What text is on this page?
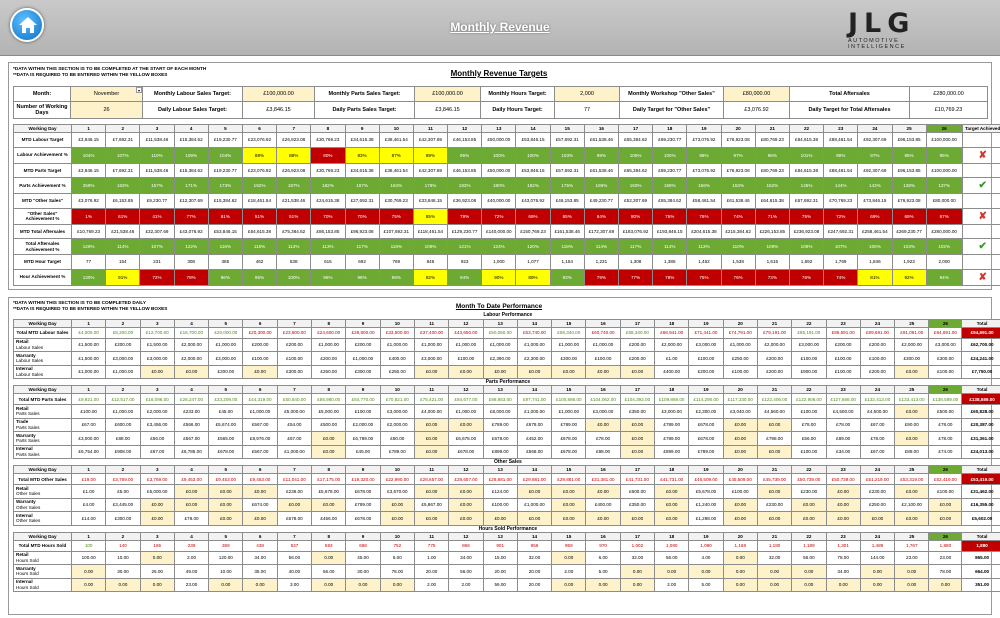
Monthly Revenue	JLG
AUTOMOTIVE INTELLIGENCE
*DATA WITHIN THIS SECTION IS TO BE COMPLETED AT THE START OF EACH MONTH
**DATA IS REQUIRED TO BE ENTERED WITHIN THE YELLOW BOXES	Monthly Revenue Targets
Month:	November
▾	Monthly Labour Sales Target:	£100,000.00	Monthly Parts Sales Target:	£100,000.00	Monthly Hours Target:	2,000	Monthly Workshop "Other Sales"	£80,000.00	Total Aftersales	£280,000.00
Number of Working Days	26	Daily Labour Sales Target:	£3,846.15	Daily Parts Sales Target:	£3,846.15	Daily Hours Target:	77	Daily Target for "Other Sales"	£3,076.92	Daily Target for Total Aftersales	£10,769.23
Working Day	1	2	3	4	5	6	7	8	9	10	11	12	13	14	15	16	17	18	19	20	21	22	23	24	25	26	Target Achieved
MTD Labour Target	£3,846.15	£7,692.31	£11,538.46	£15,384.62	£19,230.77	£23,076.92	£26,923.08	£30,769.23	£34,615.38	£38,461.54	£42,307.69	£46,153.85	£50,000.00	£53,846.15	£57,692.31	£61,538.46	£65,384.62	£69,230.77	£73,076.92	£76,923.08	£80,769.23	£84,615.38	£88,461.54	£92,307.69	£96,153.85	£100,000.00	
Labour Achievement %	104%	107%	110%	109%	104%	88%	88%	80%	83%	87%	89%	95%	100%	100%	103%	99%	105%	100%	98%	97%	98%	101%	98%	97%	95%	95%	✘
MTD Parts Target	£3,846.15	£7,692.31	£11,538.46	£15,384.62	£19,230.77	£23,076.92	£26,923.08	£30,769.23	£34,615.38	£38,461.54	£42,307.69	£46,153.85	£50,000.00	£53,846.15	£57,692.31	£61,538.46	£65,384.62	£69,230.77	£73,076.92	£76,923.08	£80,769.23	£84,615.38	£88,461.54	£92,307.69	£96,153.85	£100,000.00	
Parts Achievement %	258%	163%	157%	171%	173%	192%	187%	182%	187%	184%	178%	183%	190%	182%	175%	169%	160%	159%	156%	153%	152%	145%	144%	143%	138%	137%	✔
MTD "Other Sales"	£3,076.92	£6,153.85	£9,230.77	£12,307.69	£15,384.62	£18,461.54	£21,538.46	£24,615.38	£27,692.31	£30,769.23	£33,846.15	£36,923.08	£40,000.00	£43,076.92	£46,153.85	£49,230.77	£52,307.69	£55,384.62	£58,461.54	£61,538.46	£64,615.38	£67,692.31	£70,769.23	£73,846.15	£76,923.08	£80,000.00	
"Other Sales" Achievement %	1%	61%	41%	77%	61%	51%	51%	70%	70%	75%	85%	78%	72%	69%	65%	64%	80%	75%	76%	74%	71%	75%	72%	69%	69%	67%	✘
MTD Total Aftersales	£10,769.23	£21,538.46	£32,307.69	£43,076.92	£53,846.15	£64,615.38	£75,384.62	£86,153.85	£96,923.08	£107,692.31	£118,461.54	£129,230.77	£140,000.00	£150,769.23	£161,538.46	£172,307.69	£183,076.92	£193,846.15	£204,615.38	£215,384.62	£226,153.85	£236,923.08	£247,692.31	£258,461.54	£269,230.77	£280,000.00	
Total Aftersales Achievement %	129%	114%	107%	122%	116%	115%	113%	113%	117%	118%	109%	121%	124%	120%	118%	114%	117%	114%	113%	110%	109%	109%	107%	106%	103%	102%	✔
MTD Hour Target	77	154	231	308	385	462	538	615	692	769	846	923	1,000	1,077	1,154	1,231	1,308	1,385	1,462	1,538	1,615	1,692	1,769	1,846	1,923	2,000	
Hour Achievement %	130%	91%	72%	78%	96%	95%	100%	96%	96%	98%	92%	94%	90%	89%	93%	79%	77%	78%	75%	76%	73%	76%	74%	81%	92%	94%	✘
*DATA WITHIN THIS SECTION IS TO BE COMPLETED DAILY
**DATA IS REQUIRED TO BE ENTERED WITHIN THE YELLOW BOXES	Month To Date Performance
Labour Performance																											
Working Day	1	2	3	4	5	6	7	8	9	10	11	12	13	14	15	16	17	18	19	20	21	22	23	24	25	26	Total
Total MTD Labour Sales	£4,000.00	£8,200.00	£12,700.00	£16,700.00	£20,000.00	£20,300.00	£23,600.00	£24,600.00	£28,800.00	£33,500.00	£37,400.00	£43,650.00	£50,050.00	£53,740.00	£59,340.00	£60,740.00	£68,340.00	£68,941.00	£71,441.00	£74,791.00	£79,191.00	£85,191.00	£86,591.00	£89,691.00	£91,091.00	£94,691.00	£94,691.00

Retail
Labour Sales	£1,500.00	£200.00	£1,500.00	£2,000.00	£1,000.00	£200.00	£200.00	£1,000.00	£200.00	£1,000.00	£1,000.00	£1,000.00	£1,000.00	£1,000.00	£1,000.00	£1,000.00	£200.00	£2,000.00	£3,000.00	£1,000.00	£2,000.00	£3,000.00	£200.00	£200.00	£2,000.00	£3,000.00	£62,700.00

Warranty
Labour Sales	£1,500.00	£3,000.00	£3,000.00	£2,000.00	£3,000.00	£100.00	£100.00	£200.00	£1,000.00	£400.00	£3,000.00	£100.00	£2,390.00	£2,300.00	£300.00	£100.00	£200.00	£1.00	£100.00	£250.00	£200.00	£100.00	£100.00	£100.00	£300.00	£300.00	£24,241.00

Internal
Labour Sales	£1,000.00	£1,000.00	£0.00	£0.00	£200.00	£0.00	£300.00	£250.00	£300.00	£250.00	£0.00	£0.00	£0.00	£0.00	£0.00	£0.00	£0.00	£400.00	£200.00	£100.00	£200.00	£900.00	£100.00	£200.00	£0.00	£100.00	£7,750.00
Parts Performance																											
Working Day	1	2	3	4	5	6	7	8	9	10	11	12	13	14	15	16	17	18	19	20	21	22	23	24	25	26	Total
Total MTD Parts Sales	£9,921.00	£12,517.00	£18,096.00	£26,247.00	£33,209.00	£44,319.00	£50,840.00	£55,980.00	£64,770.00	£70,821.00	£75,421.00	£84,677.00	£98,853.00	£97,741.00	£100,886.00	£104,062.00	£104,392.00	£109,869.00	£114,290.00	£117,330.00	£122,406.00	£122,906.00	£127,666.00	£132,413.00	£133,413.00	£138,589.00	£138,589.00

Retail
Parts Sales	£100.00	£1,000.00	£2,000.00	£233.00	£45.00	£1,000.00	£5,000.00	£5,000.00	£100.00	£3,000.00	£4,000.00	£1,000.00	£8,000.00	£1,000.00	£1,000.00	£3,000.00	£350.00	£3,000.00	£2,300.00	£3,040.00	£4,560.00	£100.00	£4,500.00	£4,500.00	£0.00	£500.00	£60,828.00

Trade
Parts Sales	£67.00	£600.00	£3,456.00	£566.00	£5,674.00	£567.00	£54.00	£500.00	£2,000.00	£2,000.00	£0.00	£0.00	£789.00	£678.00	£789.00	£0.00	£0.00	£789.00	£678.00	£0.00	£0.00	£78.00	£78.00	£67.00	£90.00	£78.00	£20,387.00

Warranty
Parts Sales	£3,000.00	£88.00	£56.00	£567.00	£565.00	£8,976.00	£67.00	£0.00	£6,789.00	£80.00	£0.00	£6,678.00	£678.00	£452.00	£678.00	£78.00	£0.00	£789.00	£678.00	£0.00	£798.00	£56.00	£89.00	£78.00	£0.00	£78.00	£31,361.00

Internal
Parts Sales	£6,754.00	£908.00	£67.00	£6,785.00	£678.00	£567.00	£1,000.00	£0.00	£45.00	£789.00	£0.00	£678.00	£899.00	£568.00	£678.00	£98.00	£0.00	£899.00	£789.00	£0.00	£0.00	£100.00	£34.00	£67.00	£89.00	£74.00	£24,013.00
Other Sales																											
Working Day	1	2	3	4	5	6	7	8	9	10	11	12	13	14	15	16	17	18	19	20	21	22	23	24	25	26	Total
Total MTD Other Sales	£19.00	£3,769.00	£3,769.00	£9,453.00	£9,453.00	£9,453.00	£11,041.00	£17,175.00	£19,320.00	£22,990.00	£28,657.00	£28,657.00	£28,881.00	£29,881.00	£29,881.00	£31,381.00	£41,731.00	£41,731.00	£46,509.00	£45,509.00	£45,739.00	£50,739.00	£50,739.00	£51,219.00	£53,319.00	£53,419.00	£53,419.00

Retail
Other Sales	£1.00	£5.00	£5,000.00	£0.00	£0.00	£0.00	£236.00	£5,678.00	£678.00	£3,670.00	£0.00	£0.00	£124.00	£0.00	£0.00	£0.00	£600.00	£0.00	£5,678.00	£100.00	£0.00	£230.00	£0.00	£230.00	£0.00	£100.00	£31,462.00

Warranty
Other Sales	£4.00	£3,445.00	£0.00	£0.00	£0.00	£674.00	£0.00	£0.00	£789.00	£0.00	£5,867.00	£0.00	£100.00	£1,000.00	£0.00	£400.00	£350.00	£0.00	£1,240.00	£0.00	£230.00	£0.00	£0.00	£250.00	£2,100.00	£0.00	£16,355.00

Internal
Other Sales	£14.00	£300.00	£0.00	£78.00	£0.00	£0.00	£678.00	£456.00	£678.00	£0.00	£0.00	£0.00	£0.00	£0.00	£0.00	£0.00	£0.00	£0.00	£1,298.00	£0.00	£0.00	£0.00	£0.00	£0.00	£0.00	£0.00	£5,602.00
Hours Sold Performance																											
Working Day	1	2	3	4	5	6	7	8	9	10	11	12	13	14	15	16	17	18	19	20	21	22	23	24	25	26	Total
Total MTD Hours Sold	100	140	165	239	369	438	537	593	668	752	775	866	901	956	959	970	1,002	1,080	1,090	1,168	1,180	1,189	1,301	1,489	1,767	1,880	1,880

Retail
Hours Sold	100.00	10.00	0.00	2.00	120.00	34.00	56.00	0.00	45.00	6.00	1.00	34.00	15.00	32.00	0.00	6.00	32.00	56.00	4.00	0.00	32.00	56.00	78.00	144.00	23.00	23.00	865.00

Warranty
Hours Sold	0.00	30.00	25.00	49.00	10.00	35.00	40.00	56.00	30.00	78.00	20.00	56.00	20.00	20.00	2.00	5.00	0.00	0.00	0.00	0.00	0.00	0.00	34.00	0.00	0.00	78.00	664.00

Internal
Hours Sold	0.00	0.00	0.00	23.00	0.00	0.00	3.00	0.00	0.00	0.00	2.00	2.00	56.00	20.00	0.00	0.00	0.00	2.00	5.00	0.00	0.00	0.00	0.00	0.00	0.00	0.00	351.00
